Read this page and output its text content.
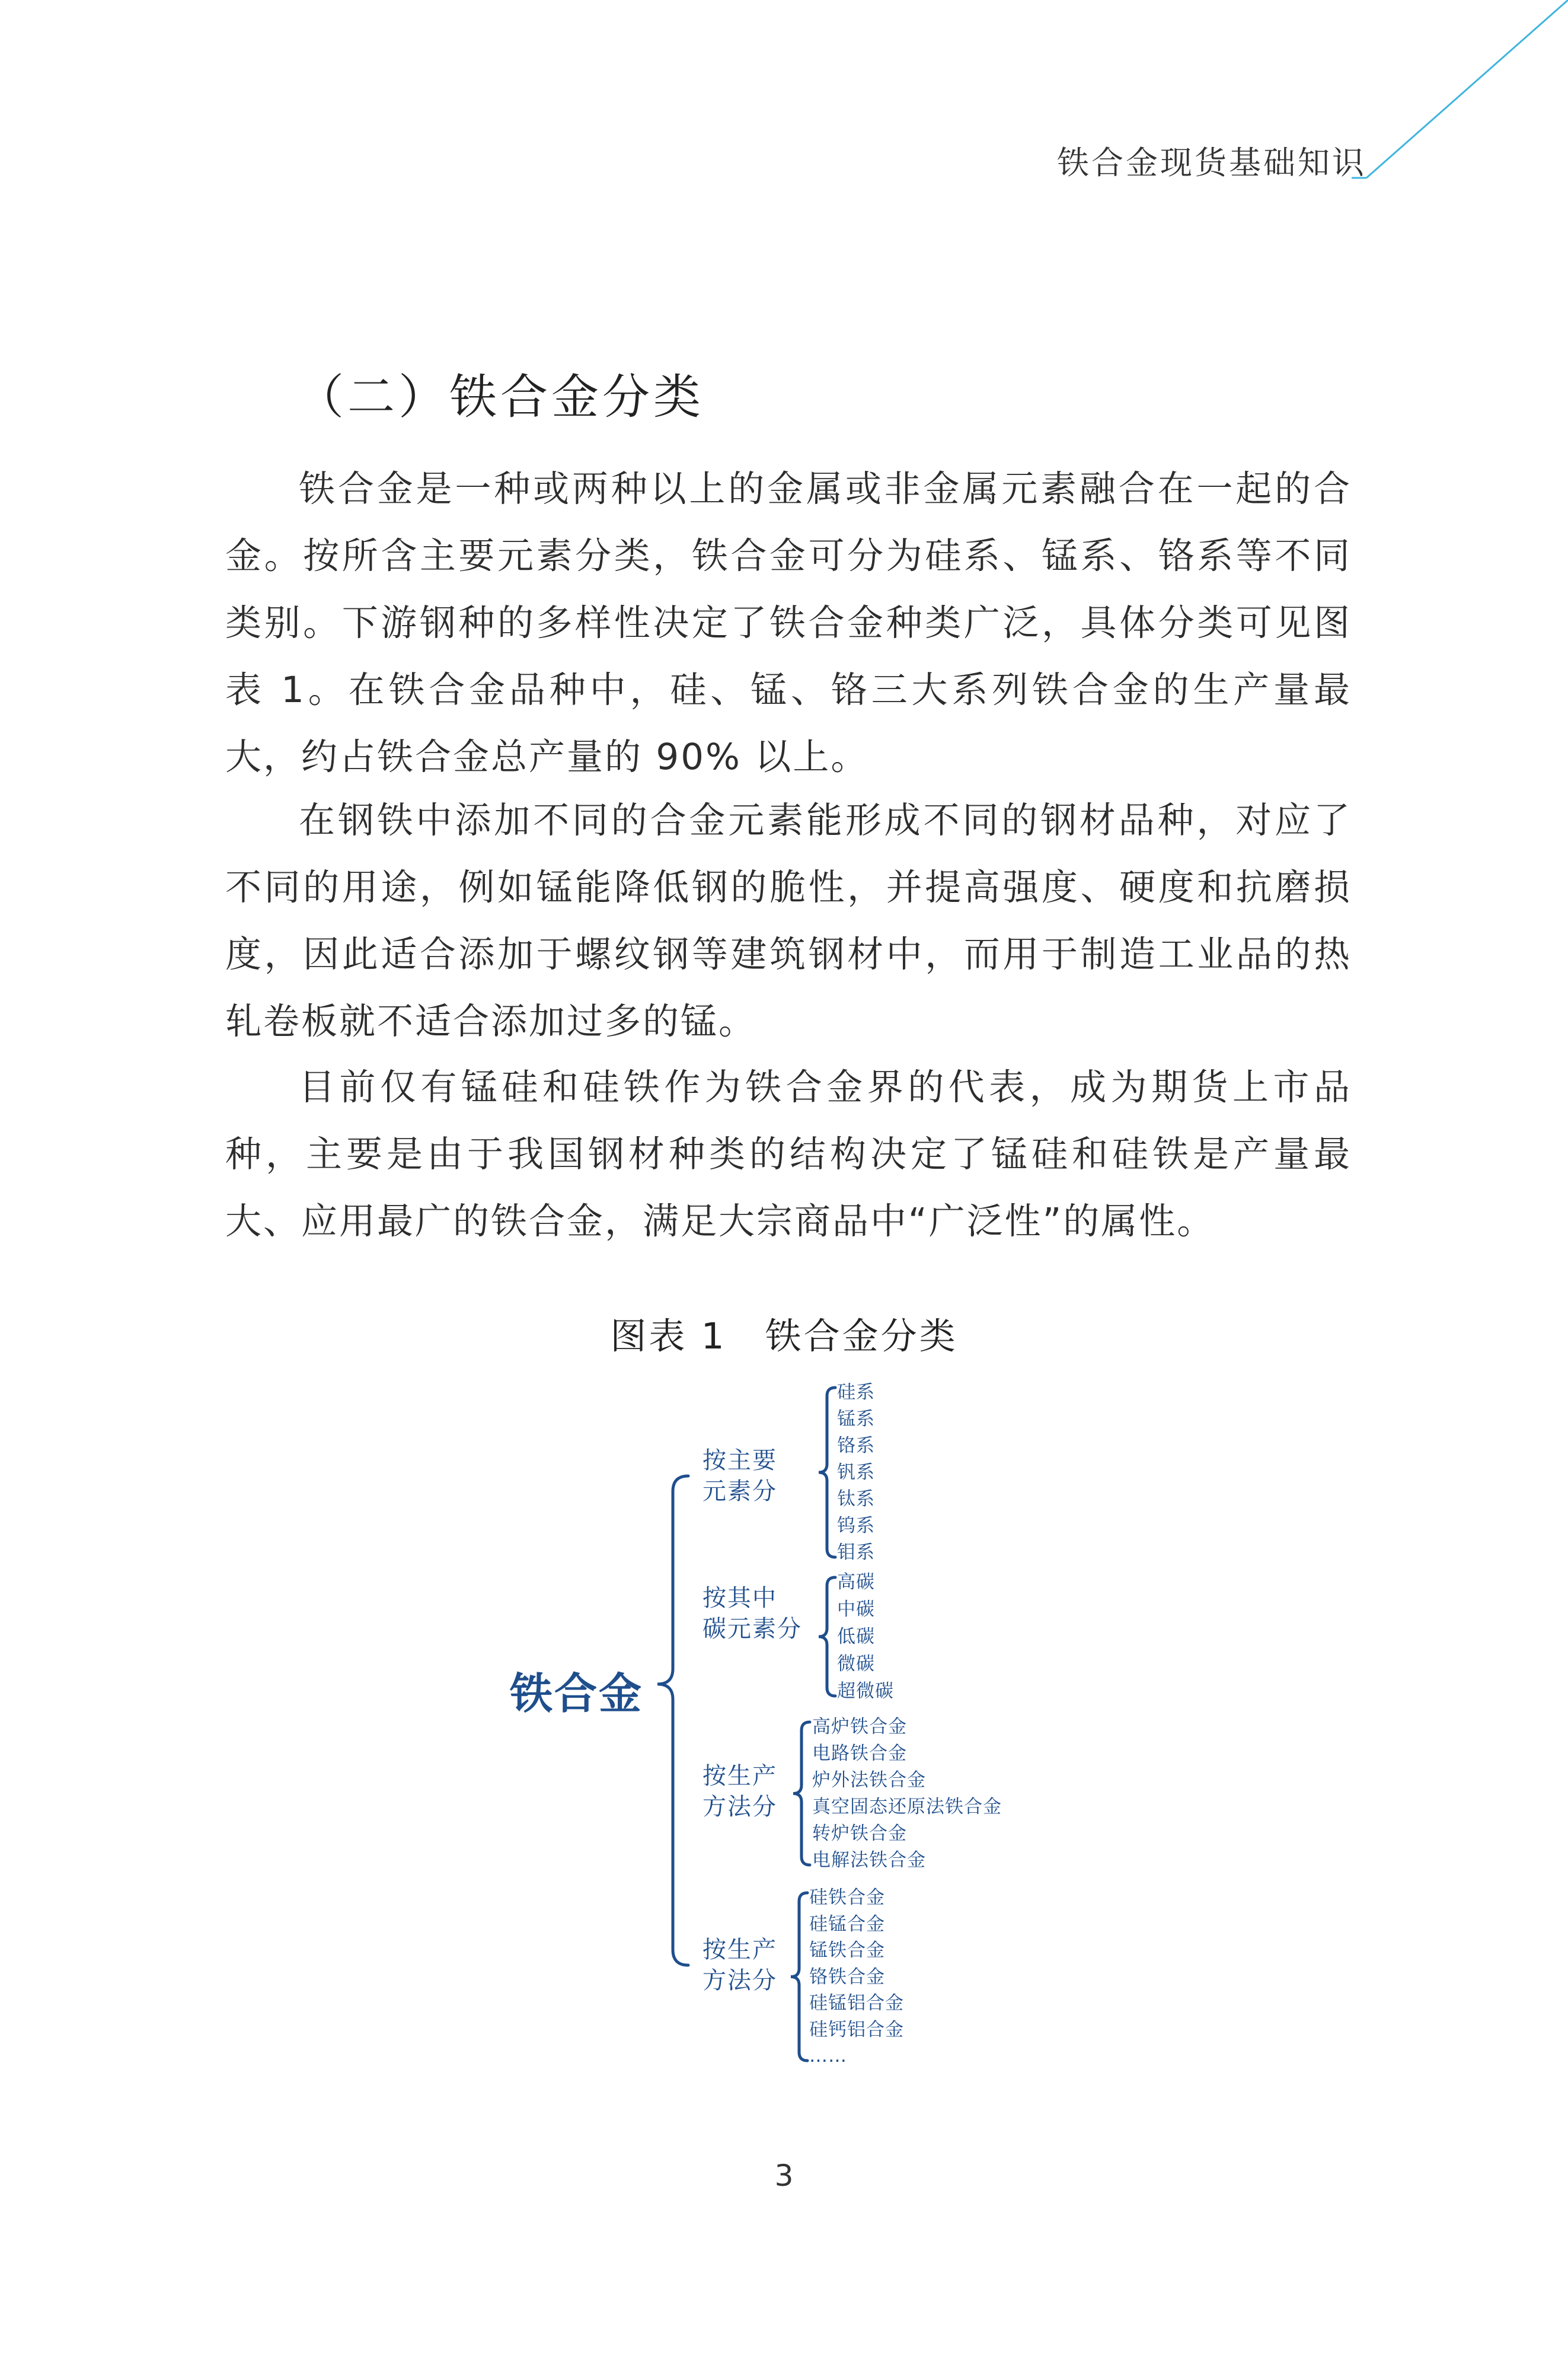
铁合金现货基础知识
（二）铁合金分类

铁合金是一种或两种以上的金属或非金属元素融合在一起的合金。按所含主要元素分类，铁合金可分为硅系、锰系、铬系等不同类别。下游钢种的多样性决定了铁合金种类广泛，具体分类可见图表 1。在铁合金品种中，硅、锰、铬三大系列铁合金的生产量最大，约占铁合金总产量的 90% 以上。

在钢铁中添加不同的合金元素能形成不同的钢材品种，对应了不同的用途，例如锰能降低钢的脆性，并提高强度、硬度和抗磨损度，因此适合添加于螺纹钢等建筑钢材中，而用于制造工业品的热轧卷板就不适合添加过多的锰。

目前仅有锰硅和硅铁作为铁合金界的代表，成为期货上市品种，主要是由于我国钢材种类的结构决定了锰硅和硅铁是产量最大、应用最广的铁合金，满足大宗商品中“广泛性”的属性。

图表 1　铁合金分类
铁合金
按主要
元素分
硅系
锰系
铬系
钒系
钛系
钨系
钼系
按其中
碳元素分
高碳
中碳
低碳
微碳
超微碳
按生产
方法分
高炉铁合金
电路铁合金
炉外法铁合金
真空固态还原法铁合金
转炉铁合金
电解法铁合金
按生产
方法分
硅铁合金
硅锰合金
锰铁合金
铬铁合金
硅锰铝合金
硅钙铝合金
……
3
